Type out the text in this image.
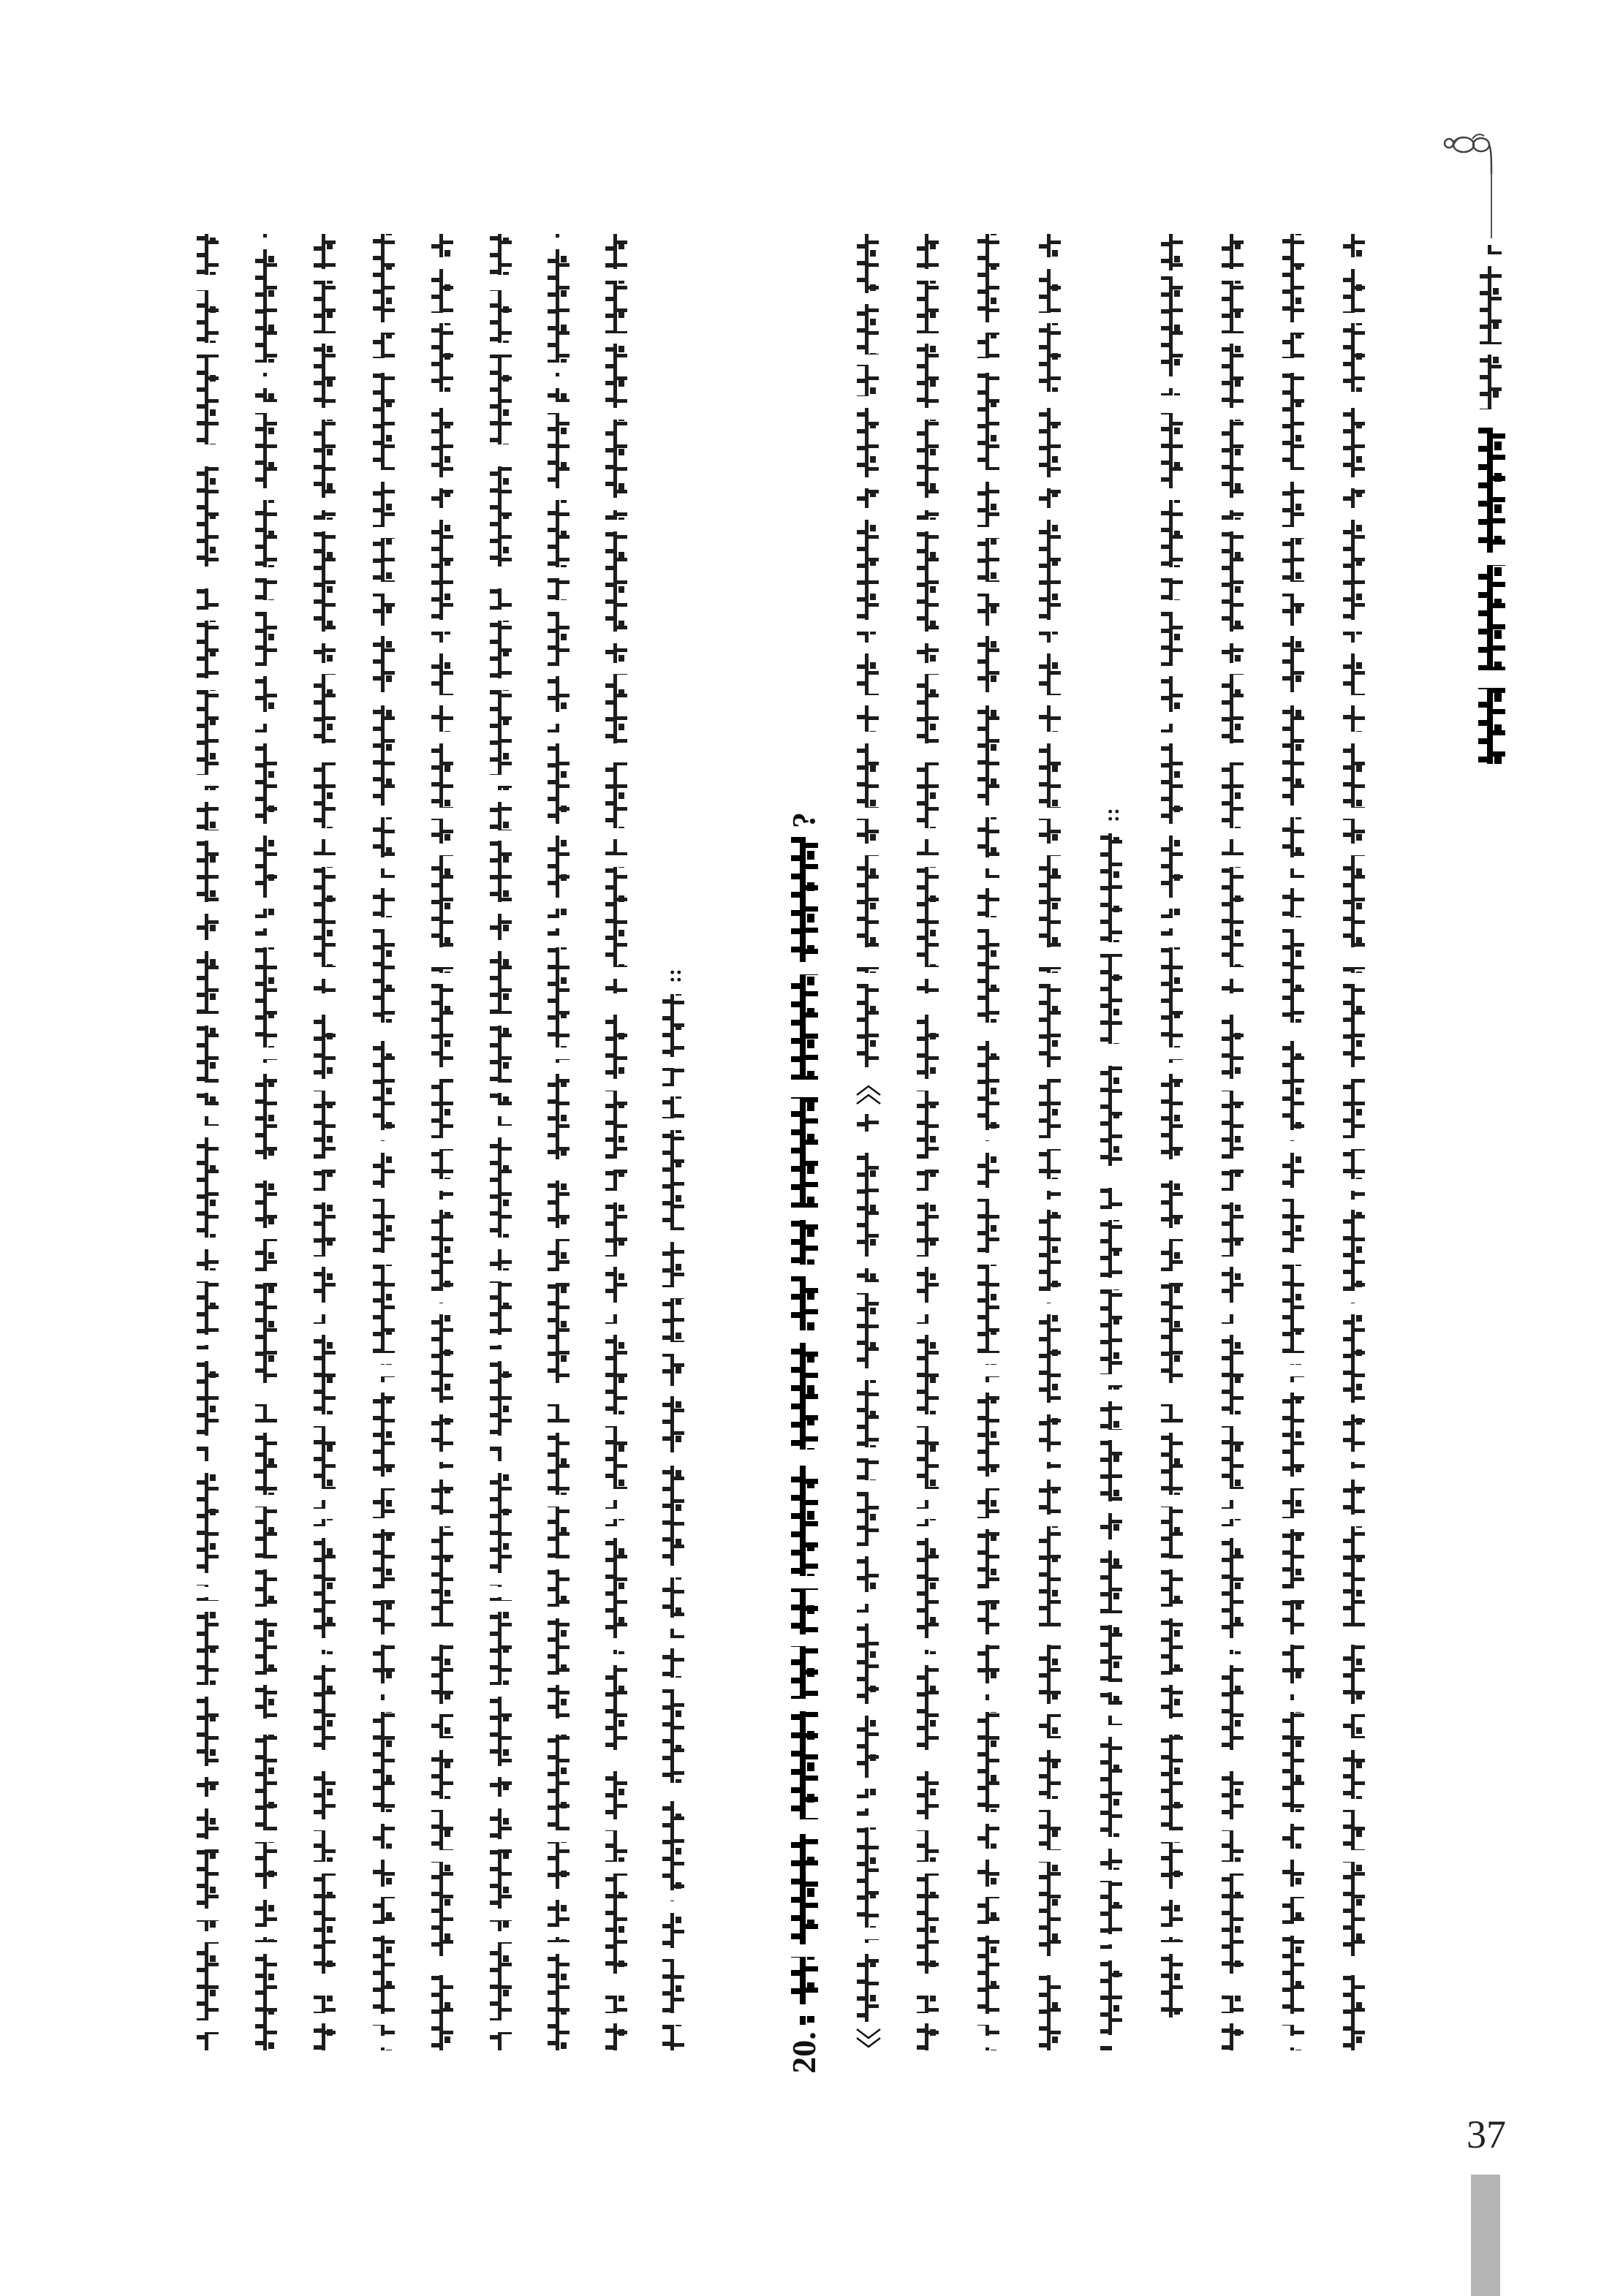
::
?
20.
::
37
